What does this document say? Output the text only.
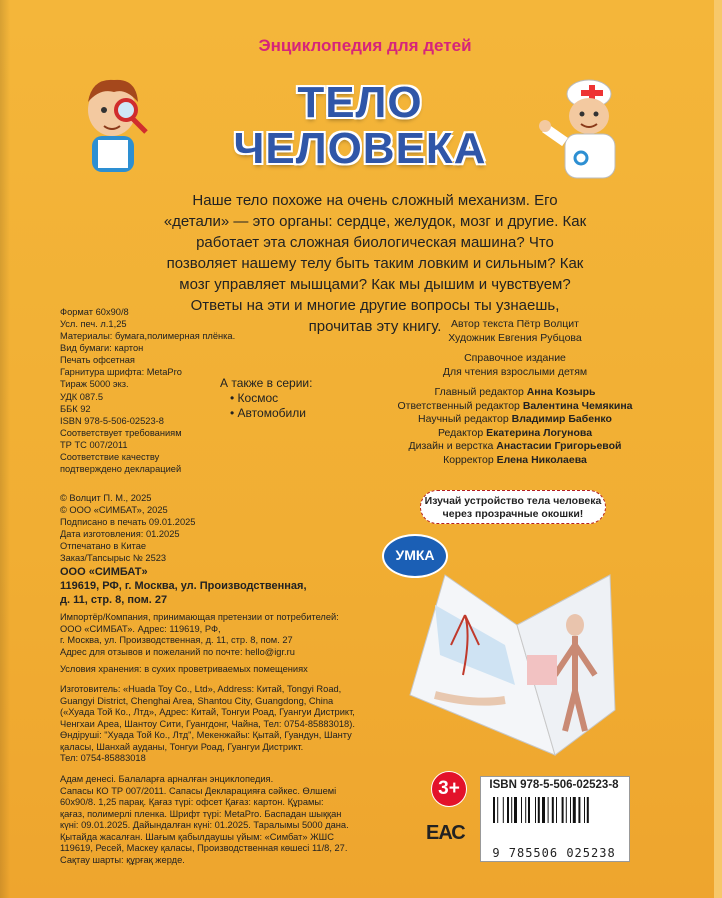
Энциклопедия для детей
ТЕЛО
ЧЕЛОВЕКА
Наше тело похоже на очень сложный механизм. Его «детали» — это органы: сердце, желудок, мозг и другие. Как работает эта сложная биологическая машина? Что позволяет нашему телу быть таким ловким и сильным? Как мозг управляет мышцами? Как мы дышим и чувствуем? Ответы на эти и многие другие вопросы ты узнаешь, прочитав эту книгу.
Формат 60x90/8
Усл. печ. л.1,25
Материалы: бумага,полимерная плёнка.
Вид бумаги: картон
Печать офсетная
Гарнитура шрифта: MetaPro
Тираж 5000 экз.
УДК 087.5
ББК 92
ISBN 978-5-506-02523-8
Соответствует требованиям
ТР ТС 007/2011
Соответствие качеству
подтверждено декларацией
© Волцит П. М., 2025
© ООО «СИМБАТ», 2025
Подписано в печать 09.01.2025
Дата изготовления: 01.2025
Отпечатано в Китае
Заказ/Тапсырыс № 2523
А также в серии:
• Космос
• Автомобили
Автор текста Пётр Волцит
Художник Евгения Рубцова
Справочное издание
Для чтения взрослыми детям
Главный редактор Анна Козырь
Ответственный редактор Валентина Чемякина
Научный редактор Владимир Бабенко
Редактор Екатерина Логунова
Дизайн и верстка Анастасии Григорьевой
Корректор Елена Николаева
Изучай устройство тела человека через прозрачные окошки!
УМКА
ООО «СИМБАТ»
119619, РФ, г. Москва, ул. Производственная,
д. 11, стр. 8, пом. 27
Импортёр/Компания, принимающая претензии от потребителей:
ООО «СИМБАТ». Адрес: 119619, РФ,
г. Москва, ул. Производственная, д. 11, стр. 8, пом. 27
Адрес для отзывов и пожеланий по почте: hello@igr.ru
Условия хранения: в сухих проветриваемых помещениях
Изготовитель: «Huada Toy Co., Ltd», Address: Китай, Tongyi Road,
Guangyi District, Chenghai Area, Shantou City, Guangdong, China
(«Хуада Той Ко., Лтд», Адрес: Китай, Тонгуи Роад, Гуангуи Дистрикт,
Ченгхаи Ареа, Шантоу Сити, Гуангдонг, Чайна, Тел: 0754-85883018).
Өндіруші: "Хуада Той Ко., Лтд", Мекенжайы: Қытай, Гуандун, Шанту
қаласы, Шанхай ауданы, Тонгуи Роад, Гуангуи Дистрикт.
Тел: 0754-85883018
Адам денесі. Балаларға арналған энциклопедия.
Сапасы КО ТР 007/2011. Сапасы Декларацияға сәйкес. Өлшемі
60x90/8. 1,25 парақ. Қағаз түрі: офсет Қағаз: картон. Құрамы:
қағаз, полимерлі пленка. Шрифт түрі: MetaPro. Баспадан шыққан
күні: 09.01.2025. Дайындалған күні: 01.2025. Таралымы 5000 дана.
Қытайда жасалған. Шағым қабылдаушы үйым: «Симбат» ЖШС
119619, Ресей, Маскеу қаласы, Производственная көшесі 11/8, 27.
Сақтау шарты: құрғақ жерде.
3+
ЕАС
ISBN 978-5-506-02523-8
9 785506 025238
